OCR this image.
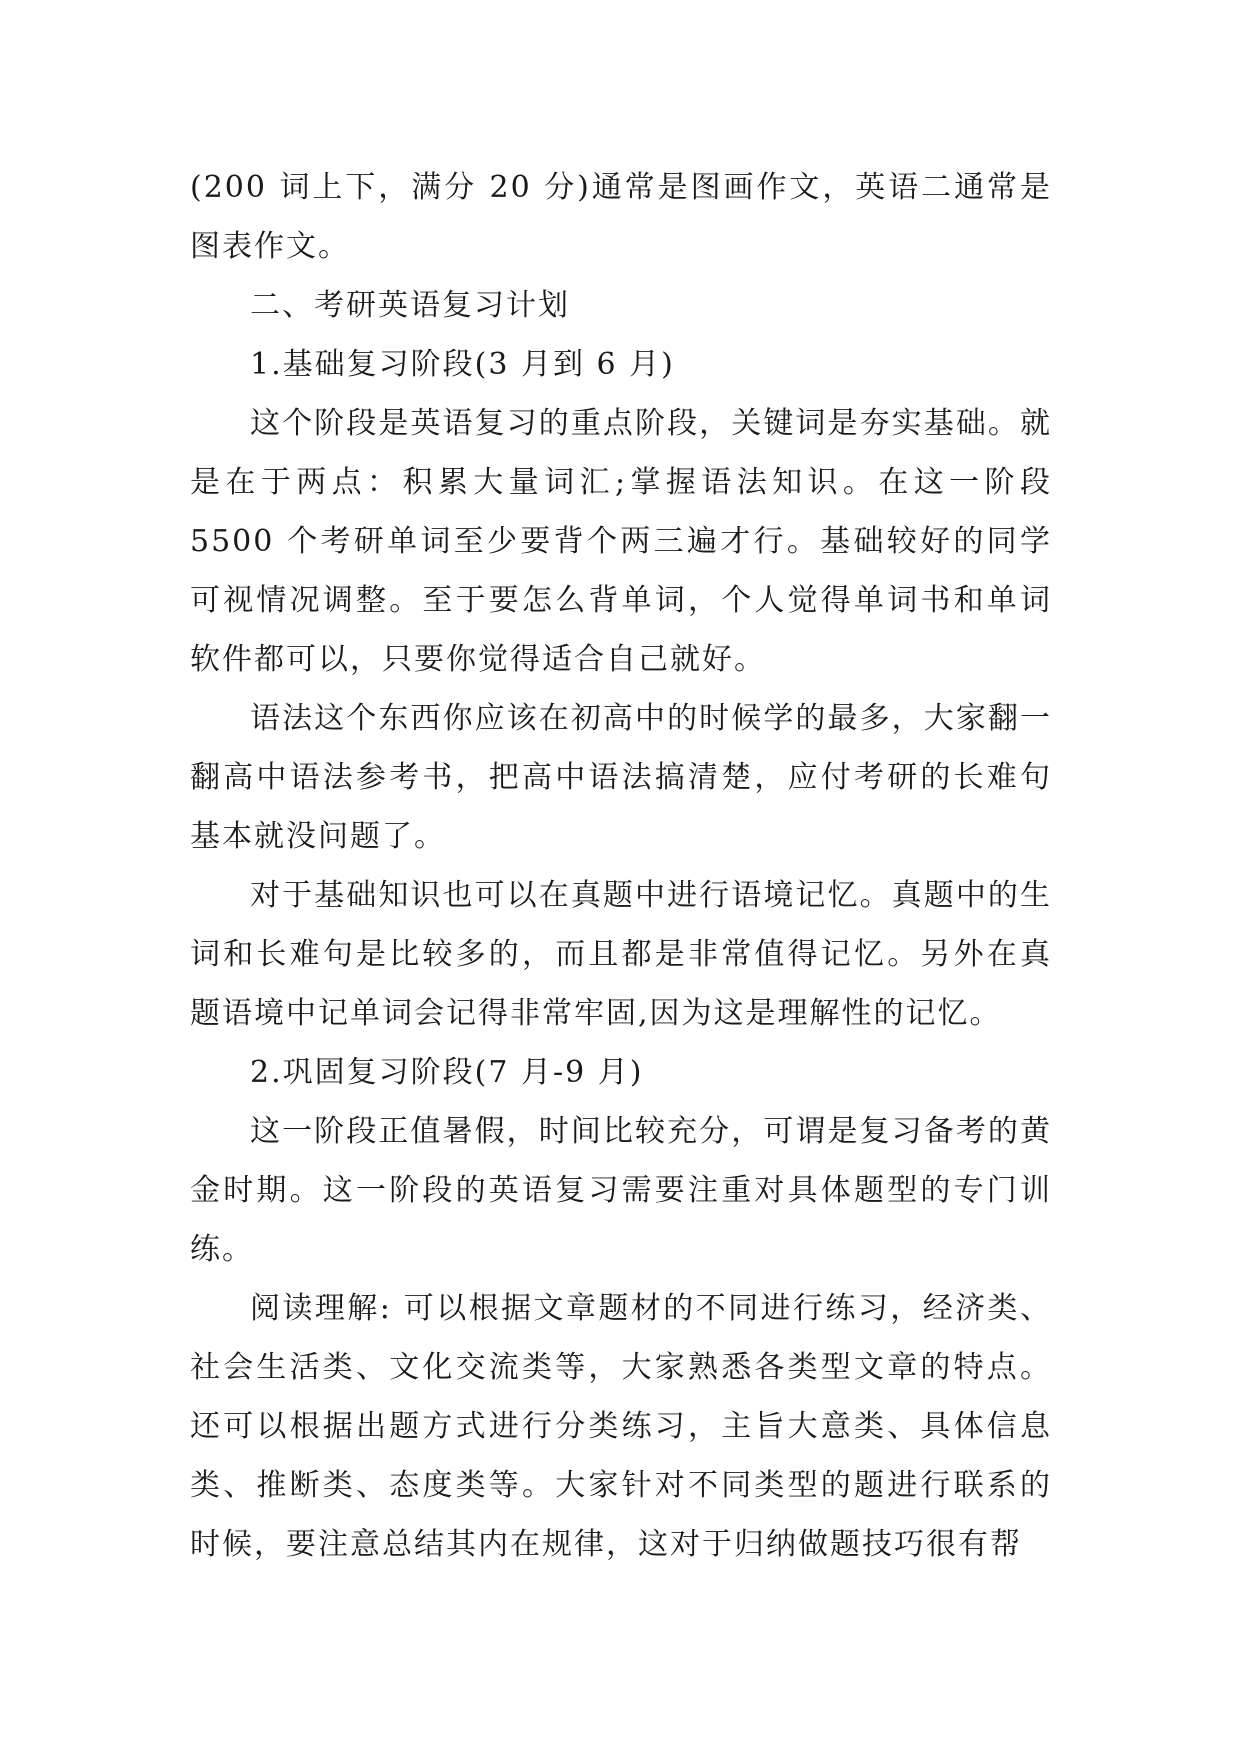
(200 词上下，满分 20 分)通常是图画作文，英语二通常是图表作文。

二、考研英语复习计划

1.基础复习阶段(3 月到 6 月)

这个阶段是英语复习的重点阶段，关键词是夯实基础。就是在于两点：积累大量词汇;掌握语法知识。在这一阶段 5500 个考研单词至少要背个两三遍才行。基础较好的同学可视情况调整。至于要怎么背单词，个人觉得单词书和单词软件都可以，只要你觉得适合自己就好。

语法这个东西你应该在初高中的时候学的最多，大家翻一翻高中语法参考书，把高中语法搞清楚，应付考研的长难句基本就没问题了。

对于基础知识也可以在真题中进行语境记忆。真题中的生词和长难句是比较多的，而且都是非常值得记忆。另外在真题语境中记单词会记得非常牢固,因为这是理解性的记忆。

2.巩固复习阶段(7 月-9 月)

这一阶段正值暑假，时间比较充分，可谓是复习备考的黄金时期。这一阶段的英语复习需要注重对具体题型的专门训练。

阅读理解: 可以根据文章题材的不同进行练习，经济类、社会生活类、文化交流类等，大家熟悉各类型文章的特点。还可以根据出题方式进行分类练习，主旨大意类、具体信息类、推断类、态度类等。大家针对不同类型的题进行联系的时候，要注意总结其内在规律，这对于归纳做题技巧很有帮
